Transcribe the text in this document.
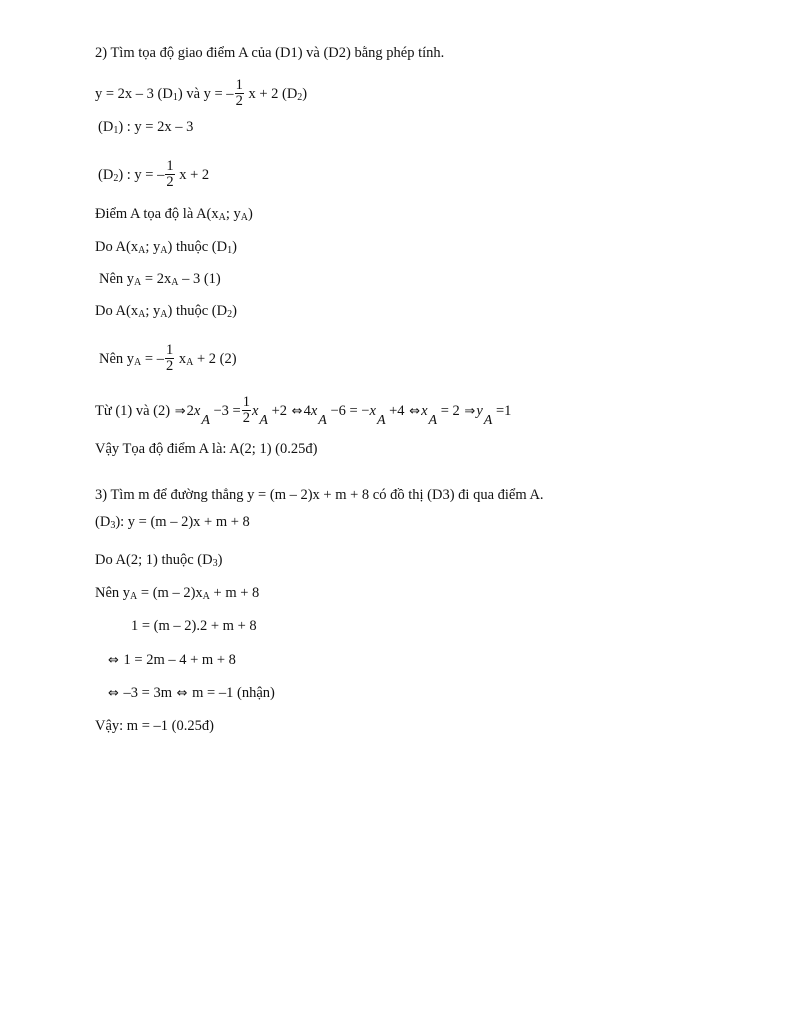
2) Tìm tọa độ giao điểm A của (D1) và (D2) bằng phép tính.
y = 2x – 3 $(D_1)$ và y = – $\frac{1}{2}$ x + 2 $(D_2)$
$(D_1)$ : y = 2x – 3
$(D_2)$ : y = – $\frac{1}{2}$ x + 2
Điểm A tọa độ là $A(x_A$; $y_A$)
Do $A(x_A$; $y_A$) thuộc $(D_1)$
Nên $y_A = 2x_A - 3$ (1)
Do $A(x_A$; $y_A$) thuộc $(D_2)$
Nên $y_A$ = – $\frac{1}{2} x_A + 2$ (2)
Từ (1) và (2) ⇒2xA $-3 = \frac{1}{2}$ xA +2 ⇔4xA −6 = −xA +4 ⇔xA = 2 ⇒yA =1
Vậy Tọa độ điểm A là: A(2; 1) (0.25đ)
3) Tìm m để đường thẳng y = (m – 2)x + m + 8 có đồ thị (D3) đi qua điểm A.
$(D_3)$: y = (m – 2)x + m + 8
Do A(2; 1) thuộc $(D_3)$
Nên $y_A = (m - 2)x_A + m + 8$
1 = (m – 2).2 + m + 8
⇔ 1 = 2m – 4 + m + 8
⇔ –3 = 3m ⇔ m = –1 (nhận)
Vậy: m = –1 (0.25đ)
